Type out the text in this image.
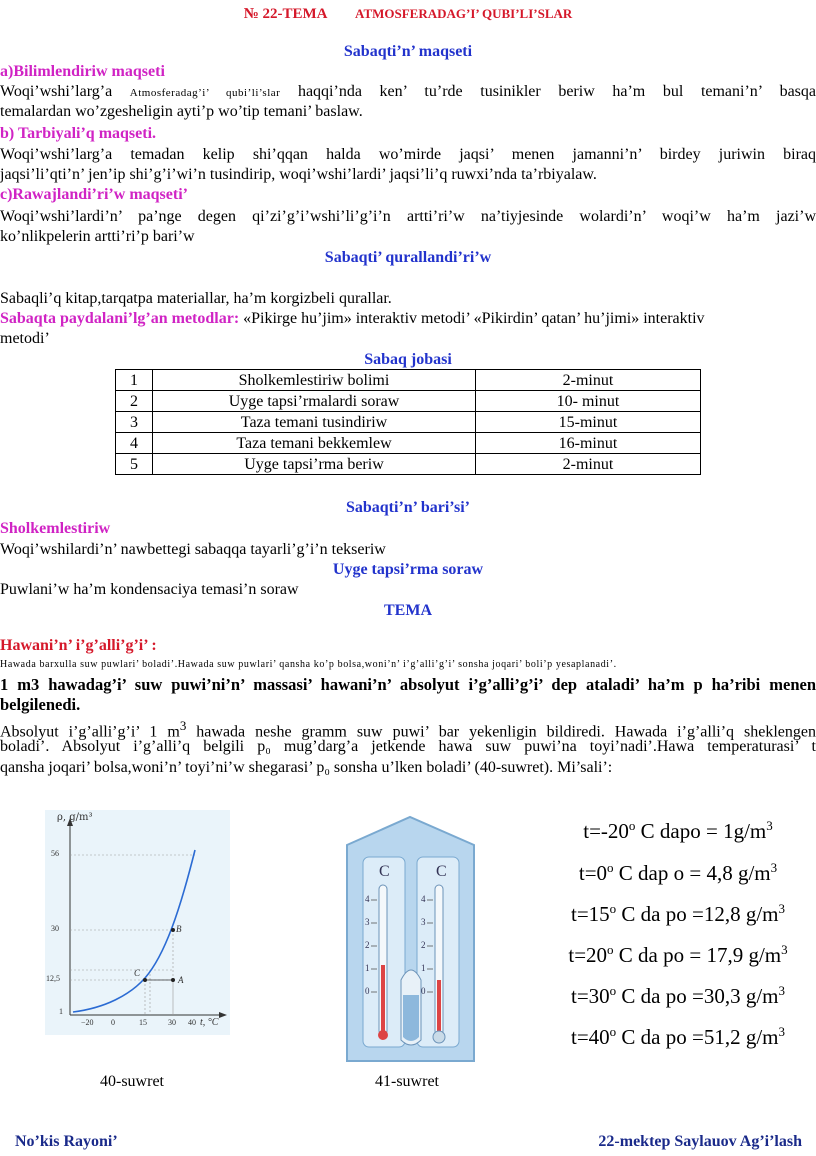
№ 22-TEMA ATMOSFERADAG’I’ QUBI’LI’SLAR
Sabaqti’n’ maqseti
a)Bilimlendiriw maqseti
Woqi’wshi’larg’a Atmosferadag’i’ qubi’li’slar haqqi’nda ken’ tu’rde tusinikler beriw ha’m bul temani’n’ basqa
temalardan wo’zgesheligin ayti’p wo’tip temani’ baslaw.
b) Tarbiyali’q maqseti.
Woqi’wshi’larg’a temadan kelip shi’qqan halda wo’mirde jaqsi’ menen jamanni’n’ birdey juriwin biraq
jaqsi’li’qti’n’ jen’ip shi’g’i’wi’n tusindirip, woqi’wshi’lardi’ jaqsi’li’q ruwxi’nda ta’rbiyalaw.
c)Rawajlandi’ri’w maqseti’
Woqi’wshi’lardi’n’ pa’nge degen qi’zi’g’i’wshi’li’g’i’n artti’ri’w na’tiyjesinde wolardi’n’ woqi’w ha’m jazi’w
ko’nlikpelerin artti’ri’p bari’w
Sabaqti’ qurallandi’ri’w
Sabaqli’q kitap,tarqatpa materiallar, ha’m korgizbeli qurallar.
Sabaqta paydalani’lg’an metodlar: «Pikirge hu’jim» interaktiv metodi’ «Pikirdin’ qatan’ hu’jimi» interaktiv
metodi’
Sabaq jobasi
1	Sholkemlestiriw bolimi	2-minut
2	Uyge tapsi’rmalardi soraw	10- minut
3	Taza temani tusindiriw	15-minut
4	Taza temani bekkemlew	16-minut
5	Uyge tapsi’rma beriw	2-minut
Sabaqti’n’ bari’si’
Sholkemlestiriw
Woqi’wshilardi’n’ nawbettegi sabaqqa tayarli’g’i’n tekseriw
Uyge tapsi’rma soraw
Puwlani’w ha’m kondensaciya temasi’n soraw
TEMA
Hawani’n’ i’g’alli’g’i’ :
Hawada barxulla suw puwlari’ boladi’.Hawada suw puwlari’ qansha ko’p bolsa,woni’n’ i’g’alli’g’i’ sonsha joqari’ boli’p yesaplanadi’.
1 m3 hawadag’i’ suw puwi’ni’n’ massasi’ hawani’n’ absolyut i’g’alli’g’i’ dep ataladi’ ha’m p ha’ribi menen
belgilenedi.
Absolyut i’g’alli’g’i’ 1 $m^3$ hawada neshe gramm suw puwi’ bar yekenligin bildiredi. Hawada i’g’alli’q sheklengen
boladi’. Absolyut i’g’alli’q belgili p₀ mug’darg’a jetkende hawa suw puwi’na toyi’nadi’.Hawa temperaturasi’ t
qansha joqari’ bolsa,woni’n’ toyi’ni’w shegarasi’ p₀ sonsha u’lken boladi’ (40-suwret). Mi’sali’:
ρ, g/m³
56
30
12,5
1
−20 0	15	30 40 t, °C
A
B
C
40-suwret
C	C
4
3
2
1
0
4
3
2
1
0
41-suwret
$t=-20^o$ C dapo = $1g/m^3$
$t=0^o$ C dap o = 4,8 $g/m^3$
$t=15^o$ C da po =12,8 $g/m^3$
$t=20^o$ C da po = 17,9 $g/m^3$
$t=30^o$ C da po =30,3 $g/m^3$
$t=40^o$ C da po =51,2 $g/m^3$
No’kis Rayoni’	22-mektep Saylauov Ag’i’lash
